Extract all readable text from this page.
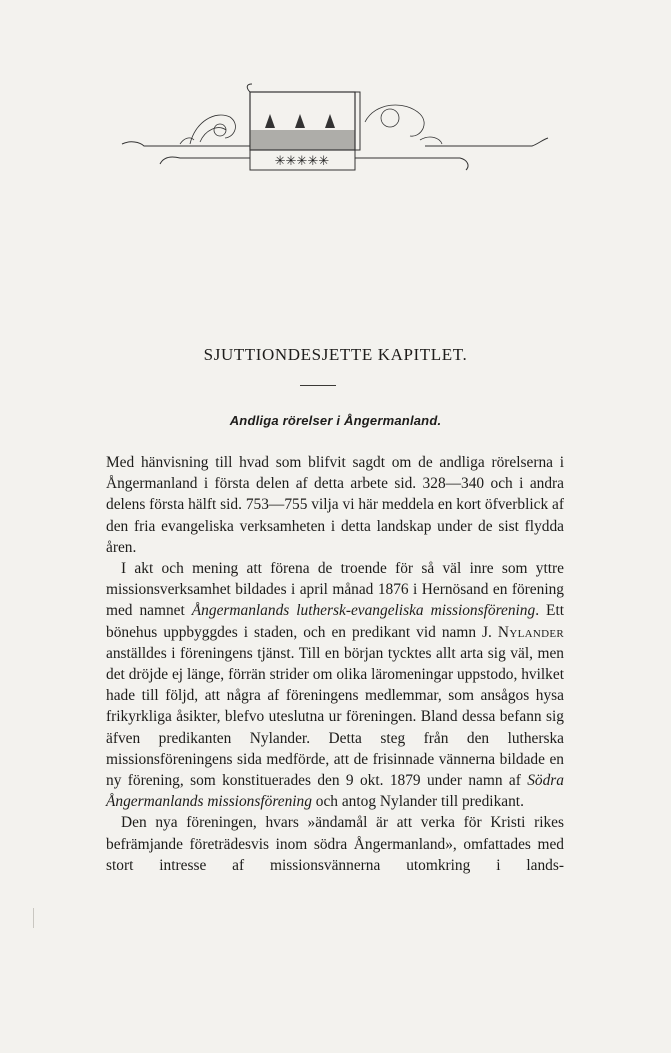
✳✳✳✳✳
SJUTTIONDESJETTE KAPITLET.
Andliga rörelser i Ångermanland.

Med hänvisning till hvad som blifvit sagdt om de andliga rörelserna i Ångermanland i första delen af detta arbete sid. 328—340 och i andra delens första hälft sid. 753—755 vilja vi här meddela en kort öfverblick af den fria evangeliska verksamheten i detta landskap under de sist flydda åren.

I akt och mening att förena de troende för så väl inre som yttre missionsverksamhet bildades i april månad 1876 i Hernösand en förening med namnet Ångermanlands luthersk-evangeliska missionsförening. Ett bönehus uppbyggdes i staden, och en predikant vid namn J. Nylander anställdes i föreningens tjänst. Till en början tycktes allt arta sig väl, men det dröjde ej länge, förrän strider om olika läromeningar uppstodo, hvilket hade till följd, att några af föreningens medlemmar, som ansågos hysa frikyrkliga åsikter, blefvo uteslutna ur föreningen. Bland dessa befann sig äfven predikanten Nylander. Detta steg från den lutherska missionsföreningens sida medförde, att de frisinnade vännerna bildade en ny förening, som konstituerades den 9 okt. 1879 under namn af Södra Ångermanlands missionsförening och antog Nylander till predikant.

Den nya föreningen, hvars »ändamål är att verka för Kristi rikes befrämjande företrädesvis inom södra Ångermanland», omfattades med stort intresse af missionsvännerna utomkring i lands-
